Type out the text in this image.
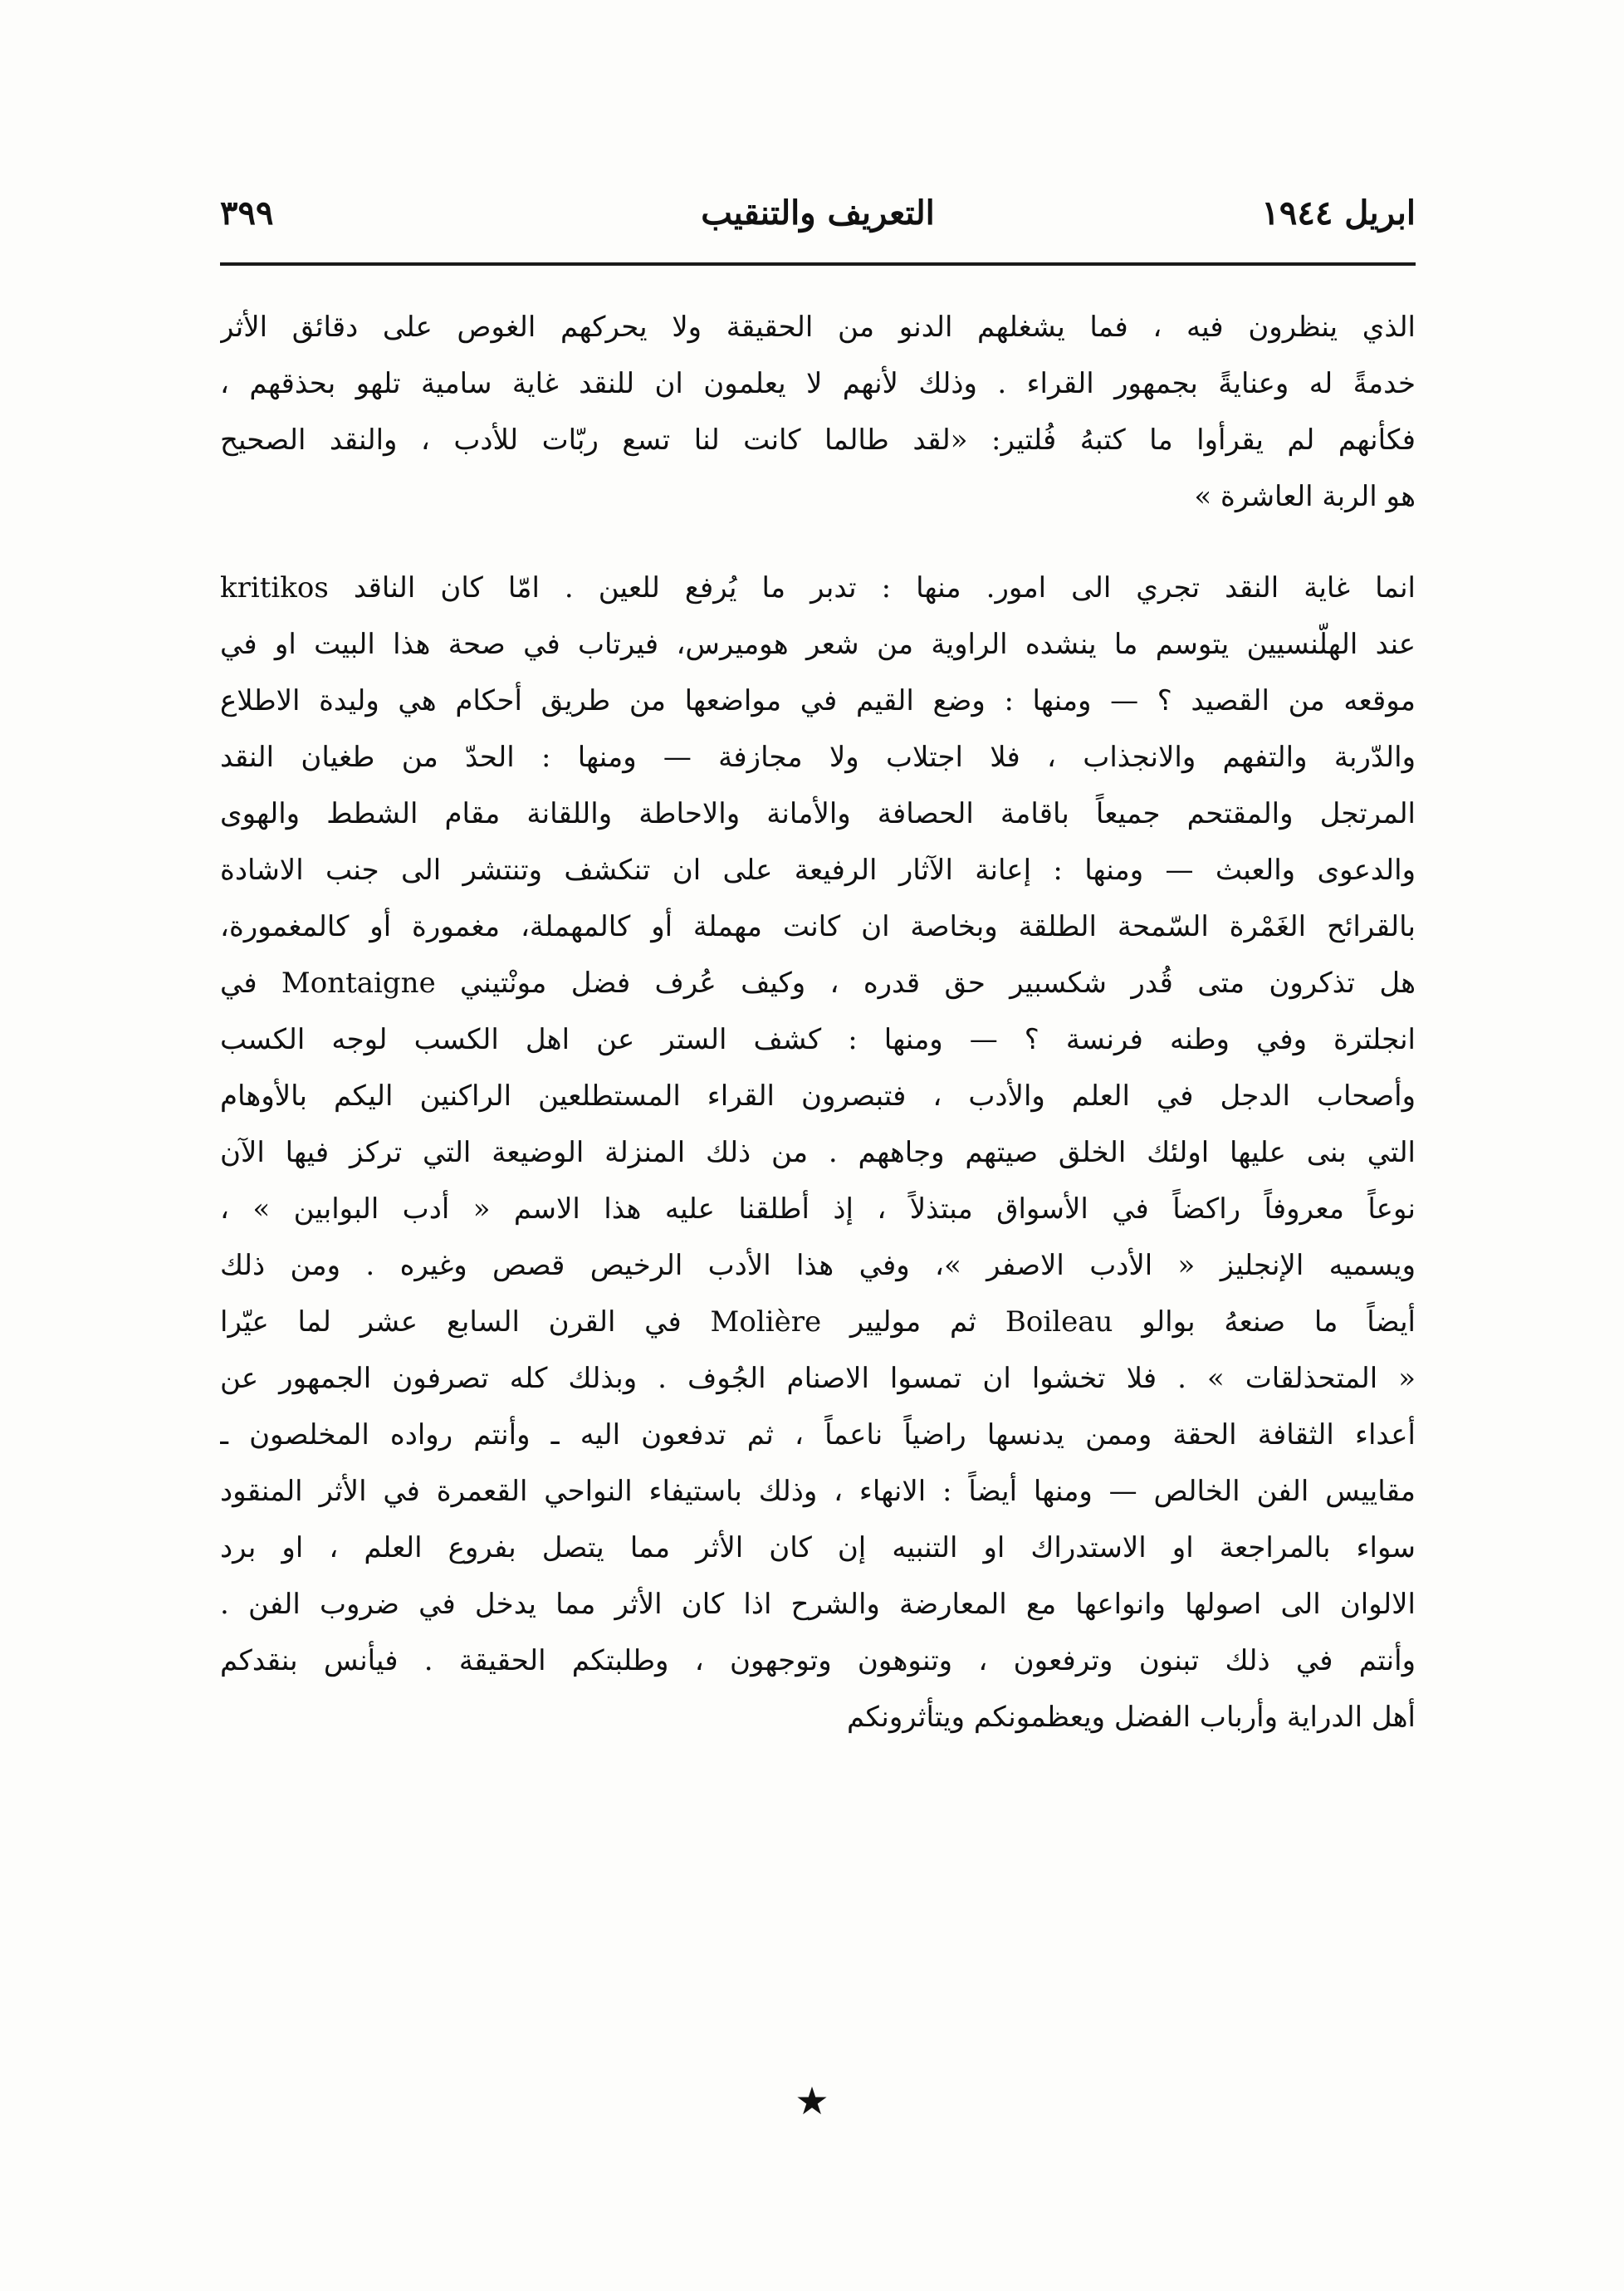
ابريل ١٩٤٤
التعريف والتنقيب
٣٩٩
الذي ينظرون فيه ، فما يشغلهم الدنو من الحقيقة ولا يحركهم الغوص على دقائق الأثر
خدمةً له وعنايةً بجمهور القراء . وذلك لأنهم لا يعلمون ان للنقد غاية سامية تلهو بحذقهم ،
فكأنهم لم يقرأوا ما كتبهُ فُلتير: «لقد طالما كانت لنا تسع ربّات للأدب ، والنقد الصحيح
هو الربة العاشرة »
انما غاية النقد تجري الى امور. منها : تدبر ما يُرفع للعين . امّا كان الناقد kritikos
عند الهلّنسيين يتوسم ما ينشده الراوية من شعر هوميرس، فيرتاب في صحة هذا البيت او في
موقعه من القصيد ؟ — ومنها : وضع القيم في مواضعها من طريق أحكام هي وليدة الاطلاع
والدّربة والتفهم والانجذاب ، فلا اجتلاب ولا مجازفة — ومنها : الحدّ من طغيان النقد
المرتجل والمقتحم جميعاً باقامة الحصافة والأمانة والاحاطة واللقانة مقام الشطط والهوى
والدعوى والعبث — ومنها : إعانة الآثار الرفيعة على ان تنكشف وتنتشر الى جنب الاشادة
بالقرائح الغَمْرة السّمحة الطلقة وبخاصة ان كانت مهملة أو كالمهملة، مغمورة أو كالمغمورة،
هل تذكرون متى قُدر شكسبير حق قدره ، وكيف عُرف فضل مونْتيني Montaigne في
انجلترة وفي وطنه فرنسة ؟ — ومنها : كشف الستر عن اهل الكسب لوجه الكسب
وأصحاب الدجل في العلم والأدب ، فتبصرون القراء المستطلعين الراكنين اليكم بالأوهام
التي بنى عليها اولئك الخلق صيتهم وجاههم . من ذلك المنزلة الوضيعة التي تركز فيها الآن
نوعاً معروفاً راكضاً في الأسواق مبتذلاً ، إذ أطلقنا عليه هذا الاسم « أدب البوابين » ،
ويسميه الإنجليز « الأدب الاصفر »، وفي هذا الأدب الرخيص قصص وغيره . ومن ذلك
أيضاً ما صنعهُ بوالو Boileau ثم موليير Molière في القرن السابع عشر لما عيّرا
« المتحذلقات » . فلا تخشوا ان تمسوا الاصنام الجُوف . وبذلك كله تصرفون الجمهور عن
أعداء الثقافة الحقة وممن يدنسها راضياً ناعماً ، ثم تدفعون اليه ـ وأنتم رواده المخلصون ـ
مقاييس الفن الخالص — ومنها أيضاً : الانهاء ، وذلك باستيفاء النواحي القعمرة في الأثر المنقود
سواء بالمراجعة او الاستدراك او التنبيه إن كان الأثر مما يتصل بفروع العلم ، او برد
الالوان الى اصولها وانواعها مع المعارضة والشرح اذا كان الأثر مما يدخل في ضروب الفن .
وأنتم في ذلك تبنون وترفعون ، وتنوهون وتوجهون ، وطلبتكم الحقيقة . فيأنس بنقدكم
أهل الدراية وأرباب الفضل ويعظمونكم ويتأثرونكم
★
